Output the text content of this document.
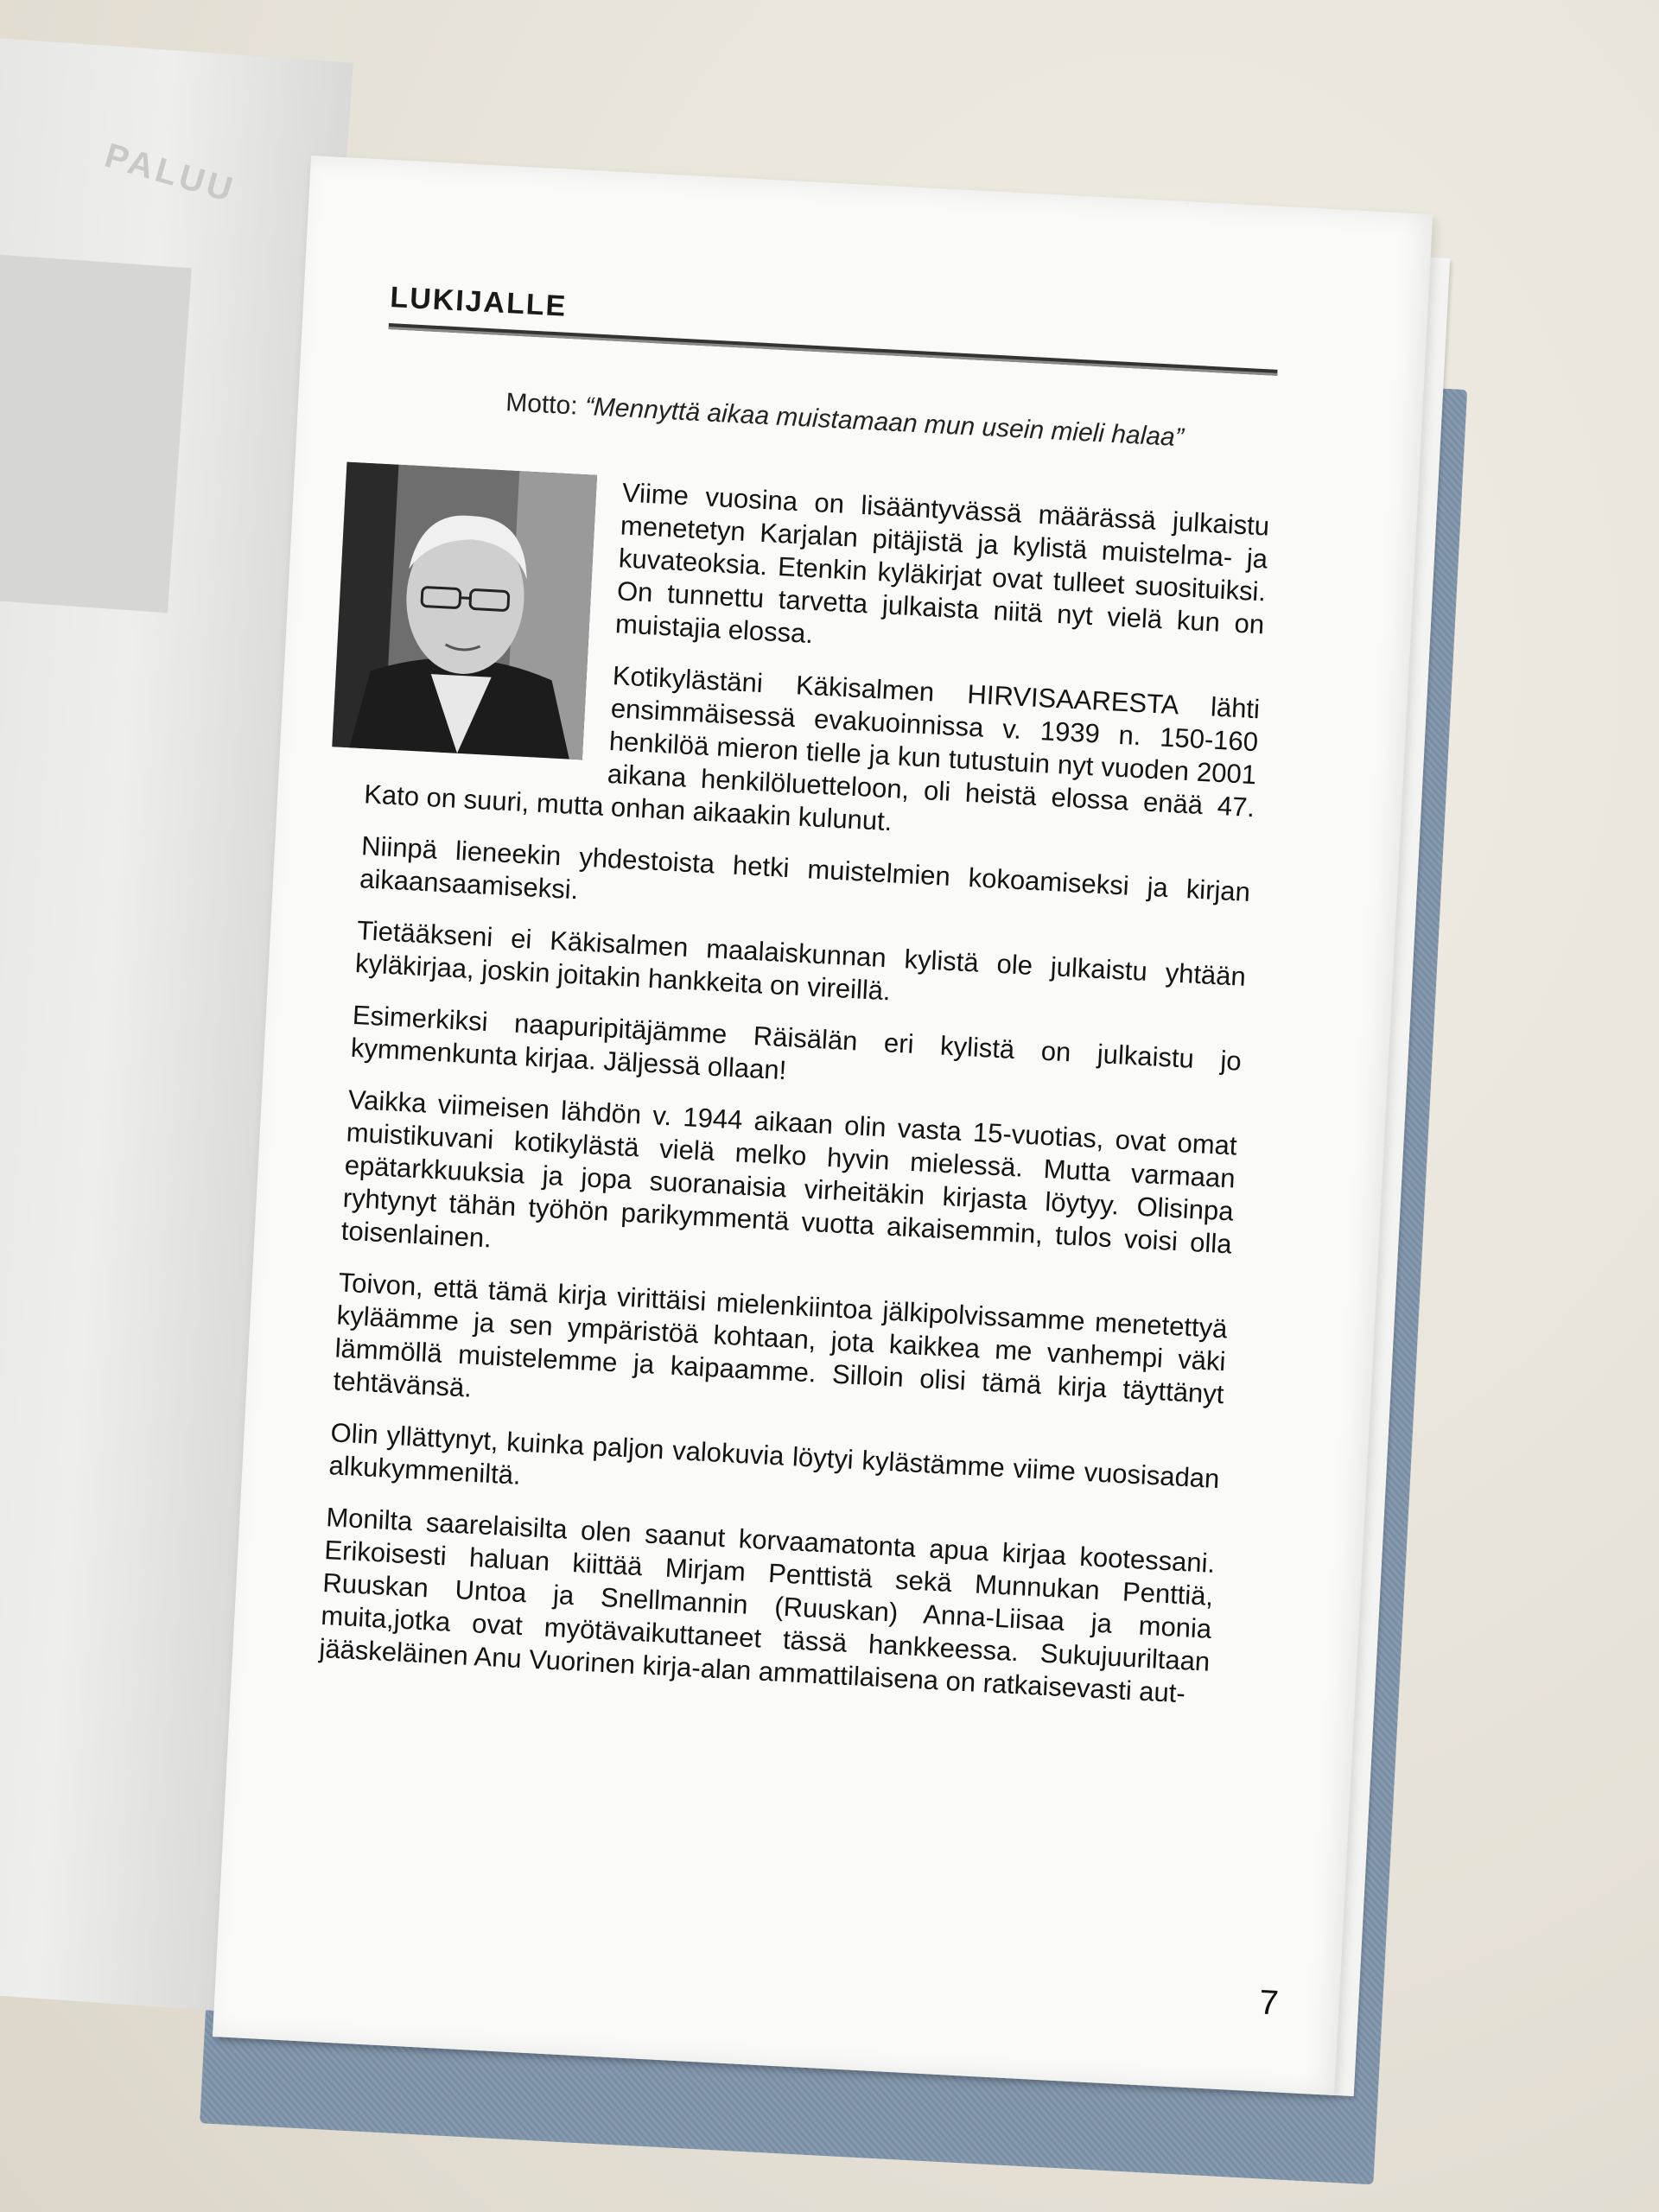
PALUU
LUKIJALLE
Motto: “Mennyttä aikaa muistamaan mun usein mieli halaa”

Viime vuosina on lisääntyvässä määrässä julkaistu menetetyn Karjalan pitäjistä ja kylistä muistelma- ja kuvateoksia. Etenkin kyläkirjat ovat tulleet suosituiksi. On tunnettu tarvetta julkaista niitä nyt vielä kun on muistajia elossa.

Kotikylästäni Käkisalmen HIRVISAARESTA lähti ensimmäisessä evakuoinnissa v. 1939 n. 150-160 henkilöä mieron tielle ja kun tutustuin nyt vuoden 2001 aikana henkilöluetteloon, oli heistä elossa enää 47. Kato on suuri, mutta onhan aikaakin kulunut.

Niinpä lieneekin yhdestoista hetki muistelmien kokoamiseksi ja kirjan aikaansaamiseksi.

Tietääkseni ei Käkisalmen maalaiskunnan kylistä ole julkaistu yhtään kyläkirjaa, joskin joitakin hankkeita on vireillä.

Esimerkiksi naapuripitäjämme Räisälän eri kylistä on julkaistu jo kymmenkunta kirjaa. Jäljessä ollaan!

Vaikka viimeisen lähdön v. 1944 aikaan olin vasta 15-vuotias, ovat omat muistikuvani kotikylästä vielä melko hyvin mielessä. Mutta varmaan epätarkkuuksia ja jopa suoranaisia virheitäkin kirjasta löytyy. Olisinpa ryhtynyt tähän työhön parikymmentä vuotta aikaisemmin, tulos voisi olla toisenlainen.

Toivon, että tämä kirja virittäisi mielenkiintoa jälkipolvissamme menetettyä kyläämme ja sen ympäristöä kohtaan, jota kaikkea me vanhempi väki lämmöllä muistelemme ja kaipaamme. Silloin olisi tämä kirja täyttänyt tehtävänsä.

Olin yllättynyt, kuinka paljon valokuvia löytyi kylästämme viime vuosisadan alkukymmeniltä.

Monilta saarelaisilta olen saanut korvaamatonta apua kirjaa kootessani. Erikoisesti haluan kiittää Mirjam Penttistä sekä Munnukan Penttiä, Ruuskan Untoa ja Snellmannin (Ruuskan) Anna-Liisaa ja monia muita,jotka ovat myötävaikuttaneet tässä hankkeessa. Sukujuuriltaan jääskeläinen Anu Vuorinen kirja-alan ammattilaisena on ratkaisevasti aut-

7
